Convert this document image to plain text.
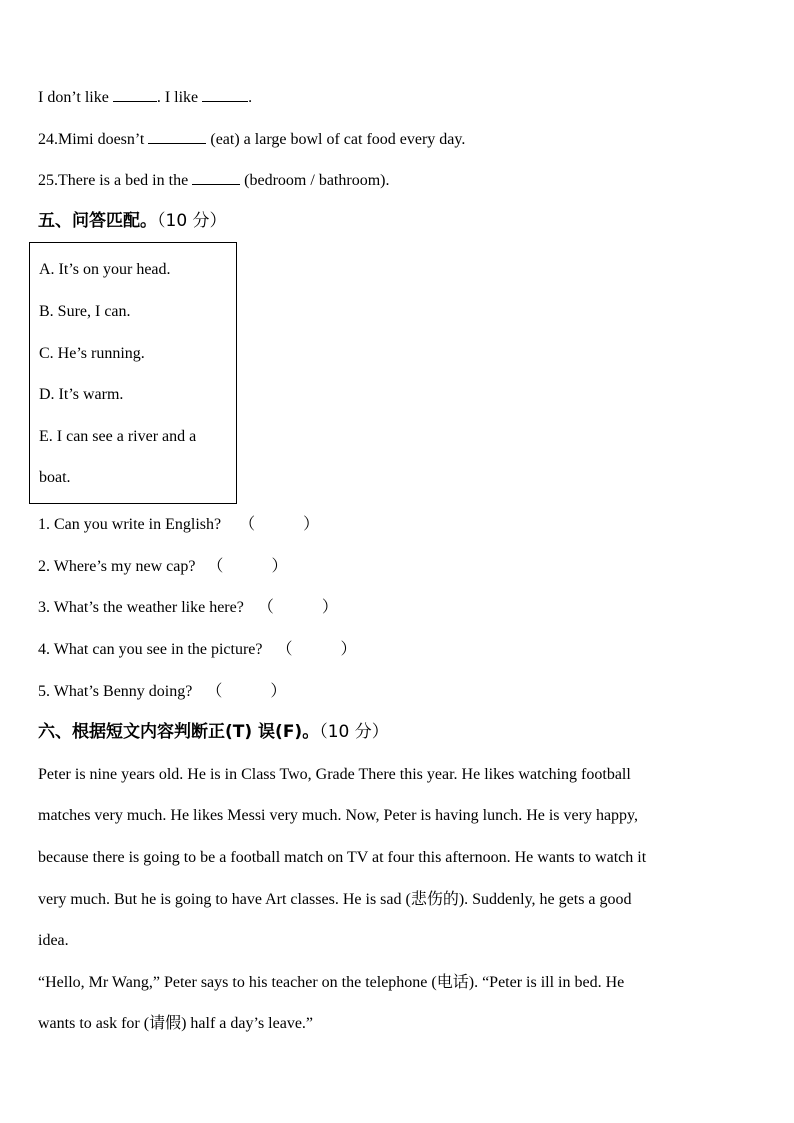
I don’t like	. I like	.
24.Mimi doesn’t	(eat) a large bowl of cat food every day.
25.There is a bed in the	(bedroom / bathroom).
五、问答匹配。（10 分）
A. It’s on your head.
B. Sure, I can.
C. He’s running.
D. It’s warm.
E. I can see a river and a
boat.
1. Can you write in English? （	）
2. Where’s my new cap? （	）
3. What’s the weather like here? （	）
4. What can you see in the picture? （	）
5. What’s Benny doing? （	）
六、根据短文内容判断正(T) 误(F)。（10 分）
Peter is nine years old. He is in Class Two, Grade There this year. He likes watching football
matches very much. He likes Messi very much. Now, Peter is having lunch. He is very happy,
because there is going to be a football match on TV at four this afternoon. He wants to watch it
very much. But he is going to have Art classes. He is sad (悲伤的). Suddenly, he gets a good
idea.
“Hello, Mr Wang,” Peter says to his teacher on the telephone (电话). “Peter is ill in bed. He
wants to ask for (请假) half a day’s leave.”
